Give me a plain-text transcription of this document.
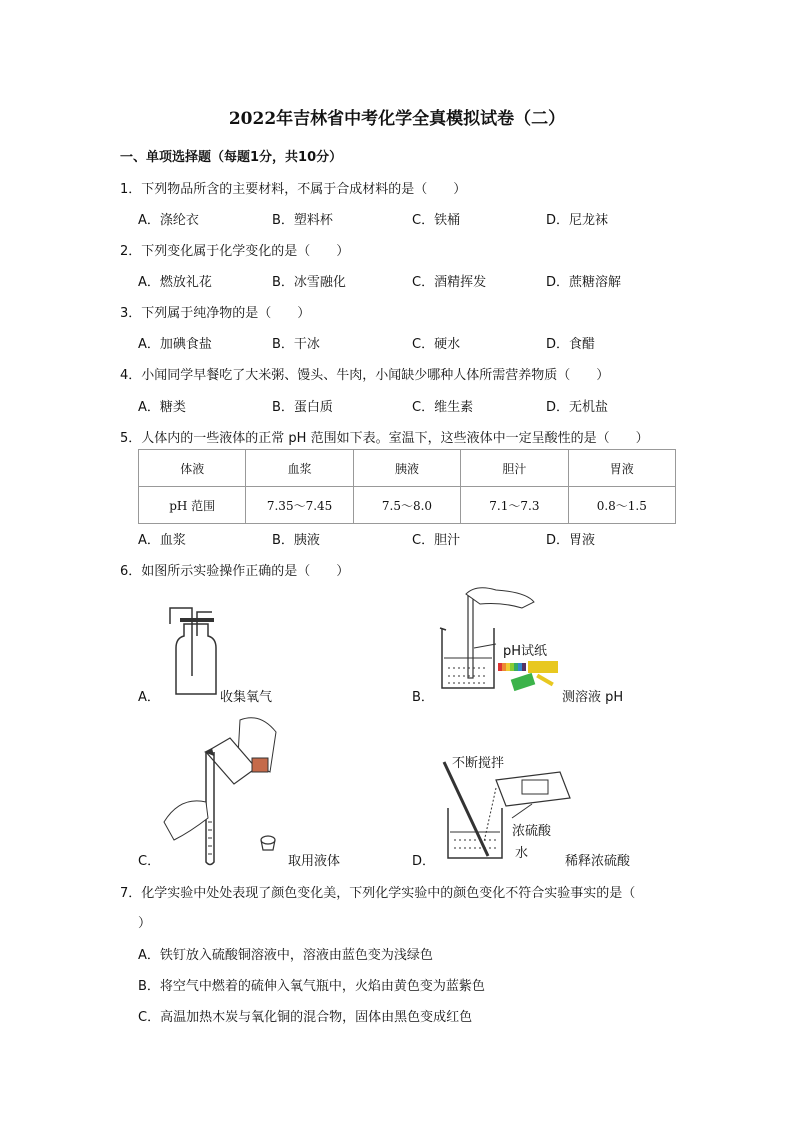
2022年吉林省中考化学全真模拟试卷（二）
一、单项选择题（每题1分，共10分）
1．下列物品所含的主要材料，不属于合成材料的是（　　）
A．涤纶衣	B．塑料杯	C．铁桶	D．尼龙袜
2．下列变化属于化学变化的是（　　）
A．燃放礼花	B．冰雪融化	C．酒精挥发	D．蔗糖溶解
3．下列属于纯净物的是（　　）
A．加碘食盐	B．干冰	C．硬水	D．食醋
4．小闻同学早餐吃了大米粥、馒头、牛肉，小闻缺少哪种人体所需营养物质（　　）
A．糖类	B．蛋白质	C．维生素	D．无机盐
5．人体内的一些液体的正常 pH 范围如下表。室温下，这些液体中一定呈酸性的是（　　）
体液	血浆	胰液	胆汁	胃液
pH 范围	7.35～7.45	7.5～8.0	7.1～7.3	0.8～1.5
A．血浆	B．胰液	C．胆汁	D．胃液
6．如图所示实验操作正确的是（　　）
A．	收集氧气	B．
pH试纸
测溶液 pH
C．	取用液体	D．
不断搅拌
浓硫酸
水
稀释浓硫酸
7．化学实验中处处表现了颜色变化美，下列化学实验中的颜色变化不符合实验事实的是（
）
A．铁钉放入硫酸铜溶液中，溶液由蓝色变为浅绿色
B．将空气中燃着的硫伸入氧气瓶中，火焰由黄色变为蓝紫色
C．高温加热木炭与氧化铜的混合物，固体由黑色变成红色
